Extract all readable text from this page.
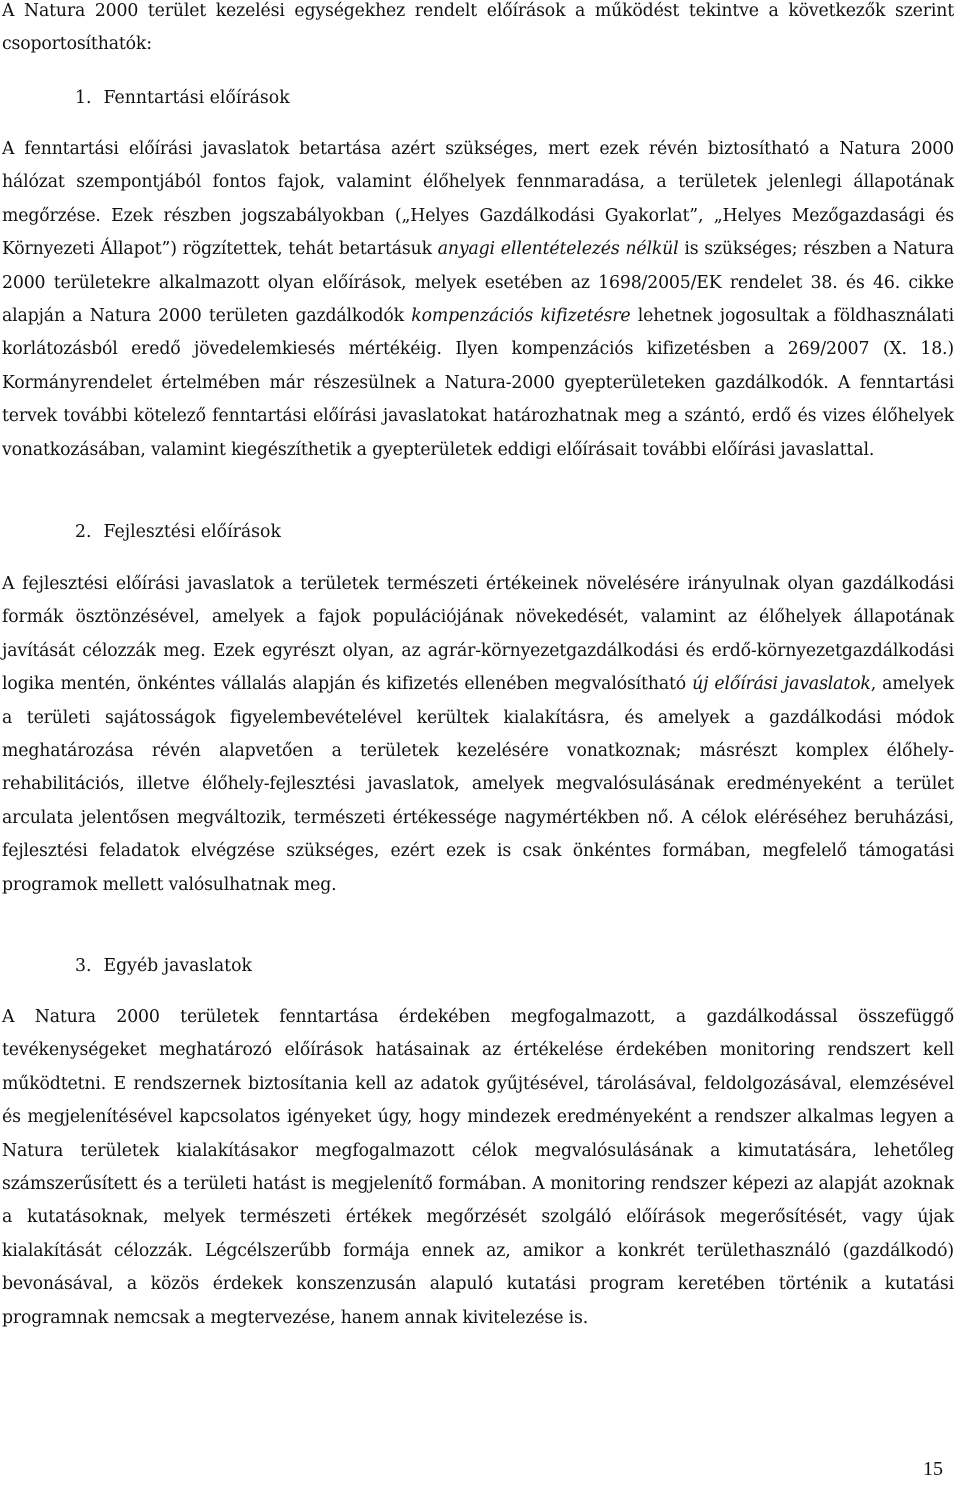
A Natura 2000 terület kezelési egységekhez rendelt előírások a működést tekintve a következők szerint csoportosíthatók:

1. Fenntartási előírások

A fenntartási előírási javaslatok betartása azért szükséges, mert ezek révén biztosítható a Natura 2000 hálózat szempontjából fontos fajok, valamint élőhelyek fennmaradása, a területek jelenlegi állapotának megőrzése. Ezek részben jogszabályokban („Helyes Gazdálkodási Gyakorlat”, „Helyes Mezőgazdasági és Környezeti Állapot”) rögzítettek, tehát betartásuk anyagi ellentételezés nélkül is szükséges; részben a Natura 2000 területekre alkalmazott olyan előírások, melyek esetében az 1698/2005/EK rendelet 38. és 46. cikke alapján a Natura 2000 területen gazdálkodók kompenzációs kifizetésre lehetnek jogosultak a földhasználati korlátozásból eredő jövedelemkiesés mértékéig. Ilyen kompenzációs kifizetésben a 269/2007 (X. 18.) Kormányrendelet értelmében már részesülnek a Natura-2000 gyepterületeken gazdálkodók. A fenntartási tervek további kötelező fenntartási előírási javaslatokat határozhatnak meg a szántó, erdő és vizes élőhelyek vonatkozásában, valamint kiegészíthetik a gyepterületek eddigi előírásait további előírási javaslattal.

2. Fejlesztési előírások

A fejlesztési előírási javaslatok a területek természeti értékeinek növelésére irányulnak olyan gazdálkodási formák ösztönzésével, amelyek a fajok populációjának növekedését, valamint az élőhelyek állapotának javítását célozzák meg. Ezek egyrészt olyan, az agrár-környezetgazdálkodási és erdő-környezetgazdálkodási logika mentén, önkéntes vállalás alapján és kifizetés ellenében megvalósítható új előírási javaslatok, amelyek a területi sajátosságok figyelembevételével kerültek kialakításra, és amelyek a gazdálkodási módok meghatározása révén alapvetően a területek kezelésére vonatkoznak; másrészt komplex élőhely-rehabilitációs, illetve élőhely-fejlesztési javaslatok, amelyek megvalósulásának eredményeként a terület arculata jelentősen megváltozik, természeti értékessége nagymértékben nő. A célok eléréséhez beruházási, fejlesztési feladatok elvégzése szükséges, ezért ezek is csak önkéntes formában, megfelelő támogatási programok mellett valósulhatnak meg.

3. Egyéb javaslatok

A Natura 2000 területek fenntartása érdekében megfogalmazott, a gazdálkodással összefüggő tevékenységeket meghatározó előírások hatásainak az értékelése érdekében monitoring rendszert kell működtetni. E rendszernek biztosítania kell az adatok gyűjtésével, tárolásával, feldolgozásával, elemzésével és megjelenítésével kapcsolatos igényeket úgy, hogy mindezek eredményeként a rendszer alkalmas legyen a Natura területek kialakításakor megfogalmazott célok megvalósulásának a kimutatására, lehetőleg számszerűsített és a területi hatást is megjelenítő formában. A monitoring rendszer képezi az alapját azoknak a kutatásoknak, melyek természeti értékek megőrzését szolgáló előírások megerősítését, vagy újak kialakítását célozzák. Légcélszerűbb formája ennek az, amikor a konkrét területhasználó (gazdálkodó) bevonásával, a közös érdekek konszenzusán alapuló kutatási program keretében történik a kutatási programnak nemcsak a megtervezése, hanem annak kivitelezése is.

15
